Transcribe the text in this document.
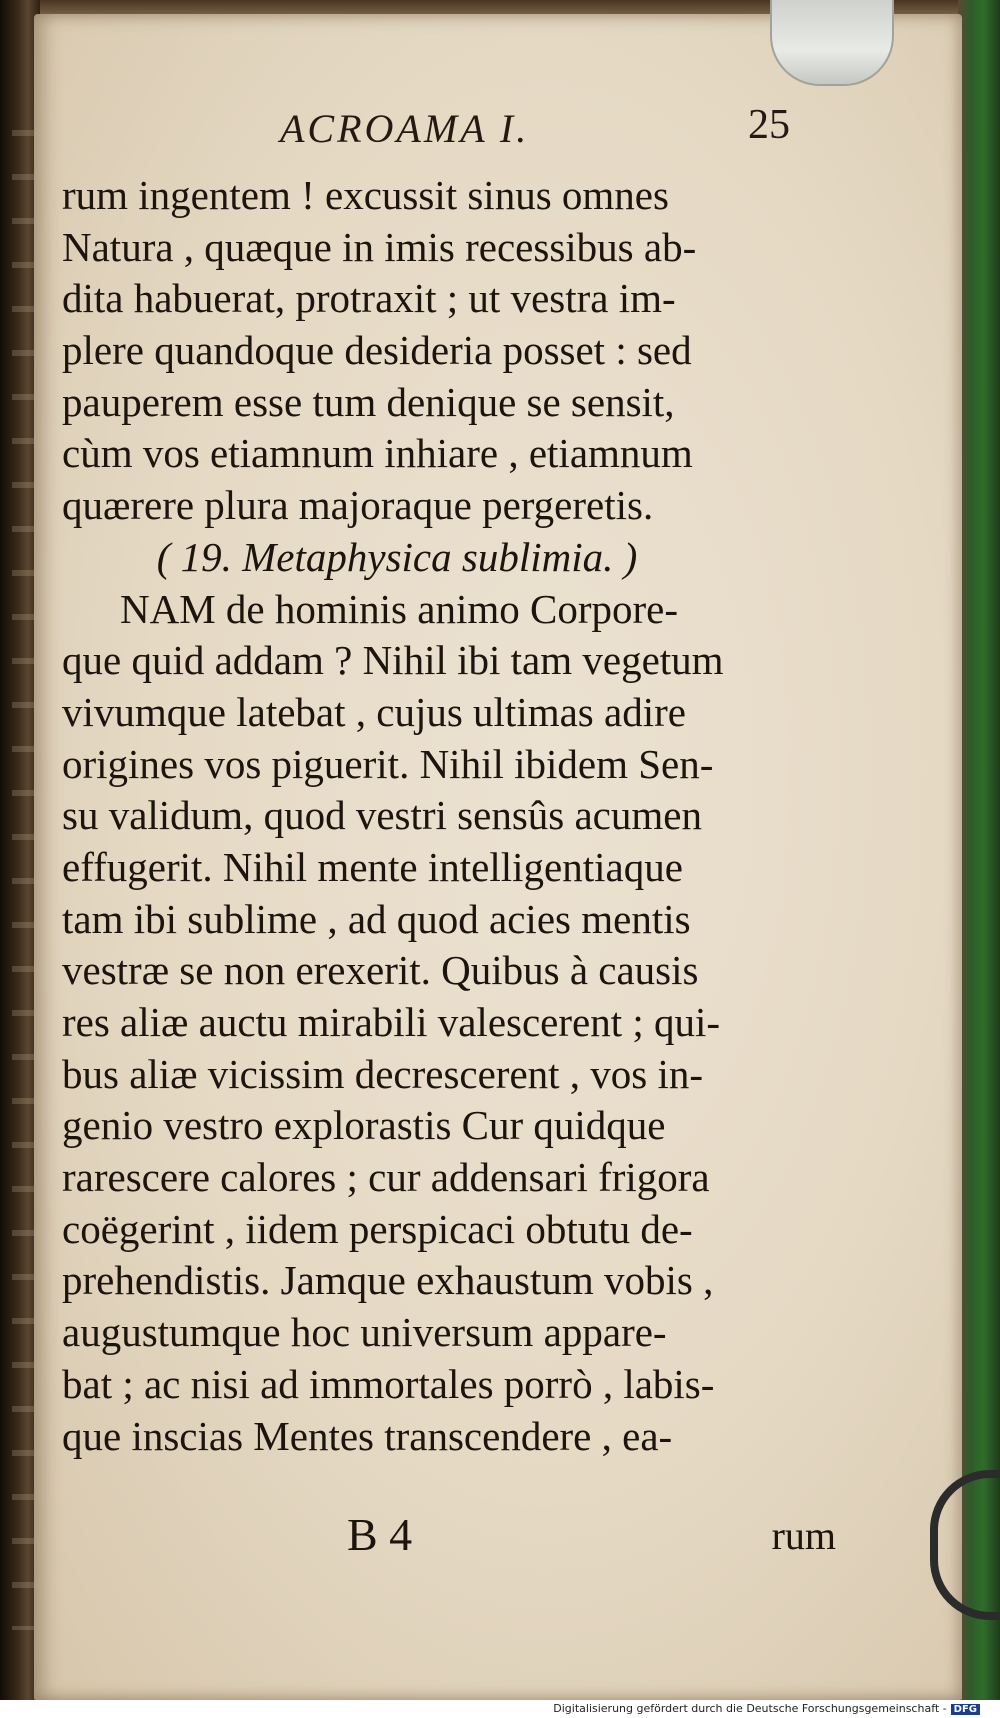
ACROAMA I.	25
rum ingentem ! excussit sinus omnes
Natura , quæque in imis recessibus ab-
dita habuerat, protraxit ; ut vestra im-
plere quandoque desideria posset : sed
pauperem esse tum denique se sensit,
cùm vos etiamnum inhiare , etiamnum
quærere plura majoraque pergeretis.
( 19. Metaphysica sublimia. )
NAM de hominis animo Corpore-
que quid addam ? Nihil ibi tam vegetum
vivumque latebat , cujus ultimas adire
origines vos piguerit. Nihil ibidem Sen-
su validum, quod vestri sensûs acumen
effugerit. Nihil mente intelligentiaque
tam ibi sublime , ad quod acies mentis
vestræ se non erexerit. Quibus à causis
res aliæ auctu mirabili valescerent ; qui-
bus aliæ vicissim decrescerent , vos in-
genio vestro explorastis Cur quidque
rarescere calores ; cur addensari frigora
coëgerint , iidem perspicaci obtutu de-
prehendistis. Jamque exhaustum vobis ,
augustumque hoc universum appare-
bat ; ac nisi ad immortales porrò , labis-
que inscias Mentes transcendere , ea-
B 4	rum
Digitalisierung gefördert durch die Deutsche Forschungsgemeinschaft - DFG
